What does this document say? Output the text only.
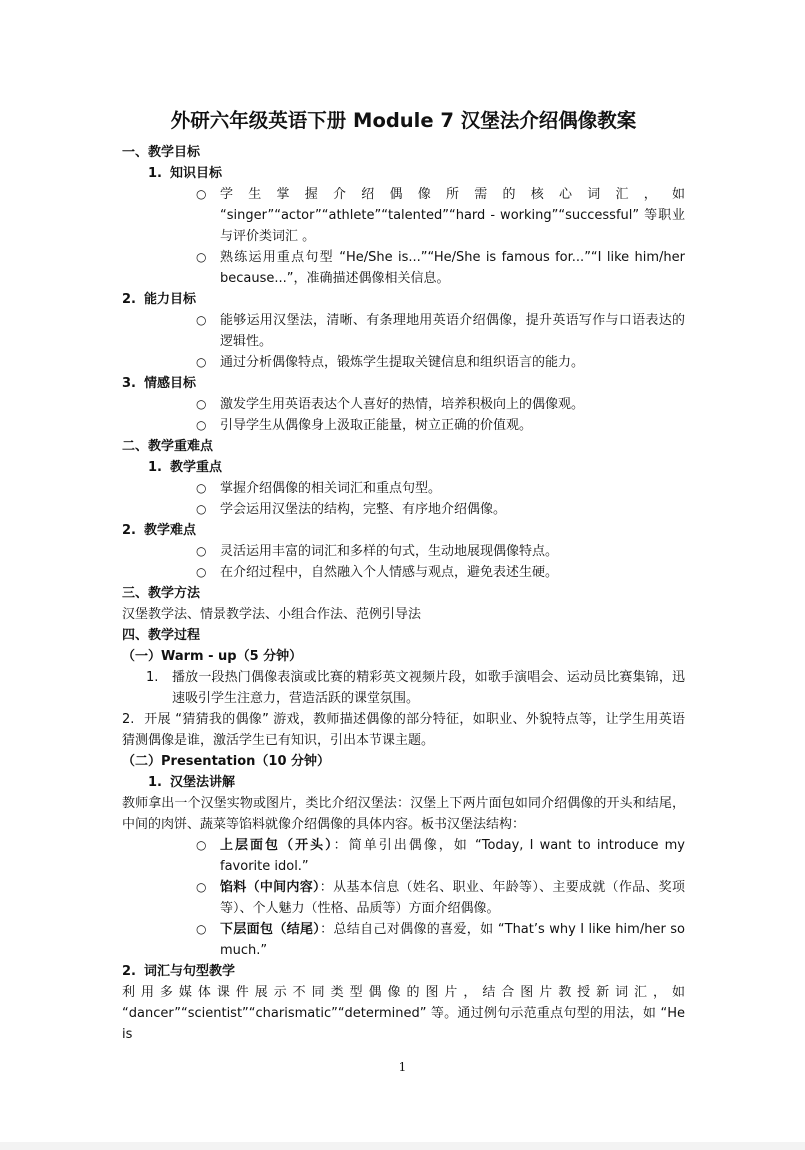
外研六年级英语下册 Module 7 汉堡法介绍偶像教案

一、教学目标

1. 知识目标

○ 学生掌握介绍偶像所需的核心词汇，如 “singer”“actor”“athlete”“talented”“hard - working”“successful” 等职业与评价类词汇 。

○ 熟练运用重点句型 “He/She is...”“He/She is famous for...”“I like him/her because...”，准确描述偶像相关信息。

2. 能力目标

○ 能够运用汉堡法，清晰、有条理地用英语介绍偶像，提升英语写作与口语表达的逻辑性。

○ 通过分析偶像特点，锻炼学生提取关键信息和组织语言的能力。

3. 情感目标

○ 激发学生用英语表达个人喜好的热情，培养积极向上的偶像观。

○ 引导学生从偶像身上汲取正能量，树立正确的价值观。

二、教学重难点

1. 教学重点

○ 掌握介绍偶像的相关词汇和重点句型。

○ 学会运用汉堡法的结构，完整、有序地介绍偶像。

2. 教学难点

○ 灵活运用丰富的词汇和多样的句式，生动地展现偶像特点。

○ 在介绍过程中，自然融入个人情感与观点，避免表述生硬。

三、教学方法

汉堡教学法、情景教学法、小组合作法、范例引导法

四、教学过程

（一）Warm - up（5 分钟）

1. 播放一段热门偶像表演或比赛的精彩英文视频片段，如歌手演唱会、运动员比赛集锦，迅速吸引学生注意力，营造活跃的课堂氛围。

2. 开展 “猜猜我的偶像” 游戏，教师描述偶像的部分特征，如职业、外貌特点等，让学生用英语猜测偶像是谁，激活学生已有知识，引出本节课主题。

（二）Presentation（10 分钟）

1. 汉堡法讲解

教师拿出一个汉堡实物或图片，类比介绍汉堡法：汉堡上下两片面包如同介绍偶像的开头和结尾，中间的肉饼、蔬菜等馅料就像介绍偶像的具体内容。板书汉堡法结构：

○ 上层面包（开头）：简单引出偶像，如 “Today, I want to introduce my favorite idol.”

○ 馅料（中间内容）：从基本信息（姓名、职业、年龄等）、主要成就（作品、奖项等）、个人魅力（性格、品质等）方面介绍偶像。

○ 下层面包（结尾）：总结自己对偶像的喜爱，如 “That’s why I like him/her so much.”

2. 词汇与句型教学

利用多媒体课件展示不同类型偶像的图片，结合图片教授新词汇，如 “dancer”“scientist”“charismatic”“determined” 等。通过例句示范重点句型的用法，如 “He is

1
